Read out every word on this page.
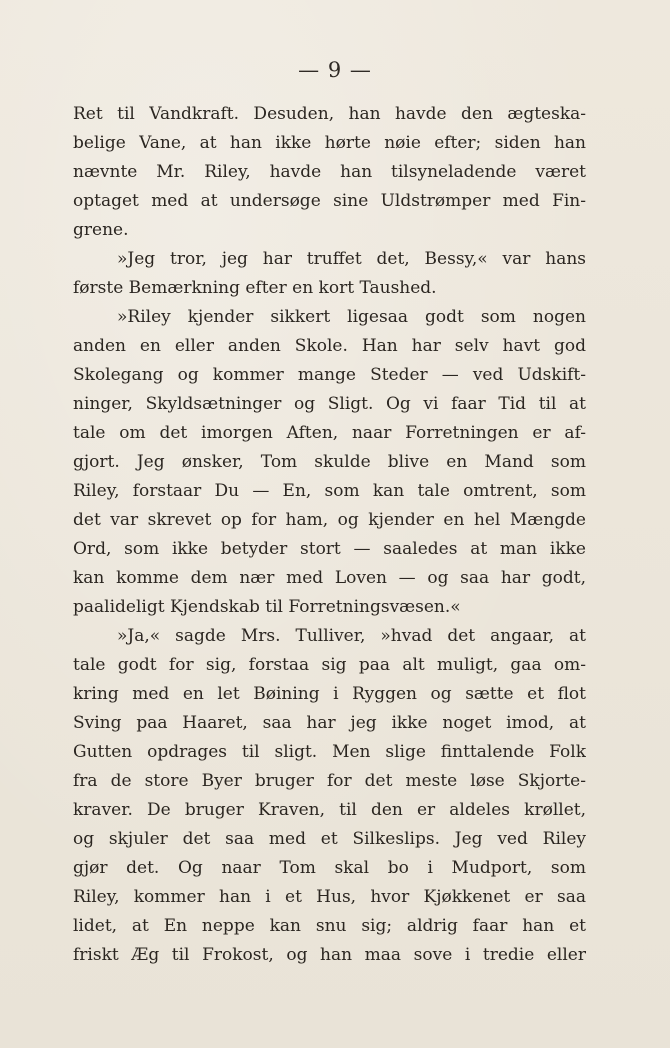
— 9 —
Ret til Vandkraft. Desuden, han havde den ægteska-
belige Vane, at han ikke hørte nøie efter; siden han
nævnte Mr. Riley, havde han tilsyneladende været
optaget med at undersøge sine Uldstrømper med Fin-
grene.
»Jeg tror, jeg har truffet det, Bessy,« var hans
første Bemærkning efter en kort Taushed.
»Riley kjender sikkert ligesaa godt som nogen
anden en eller anden Skole. Han har selv havt god
Skolegang og kommer mange Steder — ved Udskift-
ninger, Skyldsætninger og Sligt. Og vi faar Tid til at
tale om det imorgen Aften, naar Forretningen er af-
gjort. Jeg ønsker, Tom skulde blive en Mand som
Riley, forstaar Du — En, som kan tale omtrent, som
det var skrevet op for ham, og kjender en hel Mængde
Ord, som ikke betyder stort — saaledes at man ikke
kan komme dem nær med Loven — og saa har godt,
paalideligt Kjendskab til Forretningsvæsen.«
»Ja,« sagde Mrs. Tulliver, »hvad det angaar, at
tale godt for sig, forstaa sig paa alt muligt, gaa om-
kring med en let Bøining i Ryggen og sætte et flot
Sving paa Haaret, saa har jeg ikke noget imod, at
Gutten opdrages til sligt. Men slige finttalende Folk
fra de store Byer bruger for det meste løse Skjorte-
kraver. De bruger Kraven, til den er aldeles krøllet,
og skjuler det saa med et Silkeslips. Jeg ved Riley
gjør det. Og naar Tom skal bo i Mudport, som
Riley, kommer han i et Hus, hvor Kjøkkenet er saa
lidet, at En neppe kan snu sig; aldrig faar han et
friskt Æg til Frokost, og han maa sove i tredie eller
